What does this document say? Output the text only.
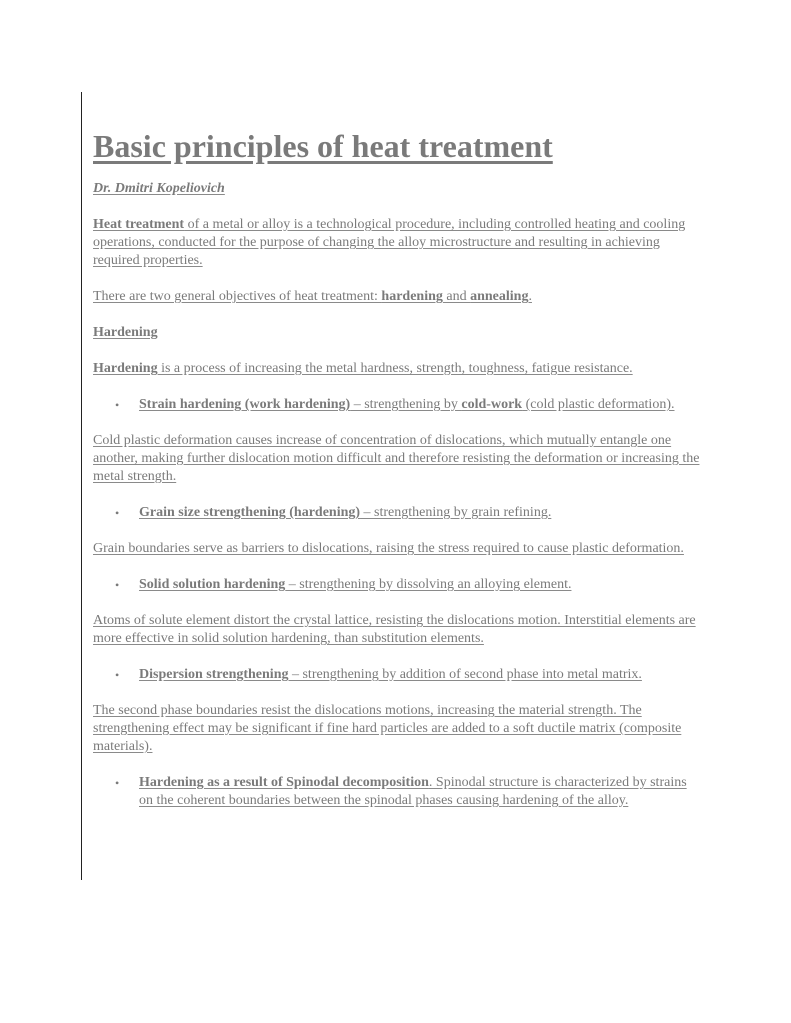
Basic principles of heat treatment

Dr. Dmitri Kopeliovich

Heat treatment of a metal or alloy is a technological procedure, including controlled heating and cooling operations, conducted for the purpose of changing the alloy microstructure and resulting in achieving required properties.

There are two general objectives of heat treatment: hardening and annealing.

Hardening

Hardening is a process of increasing the metal hardness, strength, toughness, fatigue resistance.

• Strain hardening (work hardening) – strengthening by cold-work (cold plastic deformation).

Cold plastic deformation causes increase of concentration of dislocations, which mutually entangle one another, making further dislocation motion difficult and therefore resisting the deformation or increasing the metal strength.

• Grain size strengthening (hardening) – strengthening by grain refining.

Grain boundaries serve as barriers to dislocations, raising the stress required to cause plastic deformation.

• Solid solution hardening – strengthening by dissolving an alloying element.

Atoms of solute element distort the crystal lattice, resisting the dislocations motion. Interstitial elements are more effective in solid solution hardening, than substitution elements.

• Dispersion strengthening – strengthening by addition of second phase into metal matrix.

The second phase boundaries resist the dislocations motions, increasing the material strength. The strengthening effect may be significant if fine hard particles are added to a soft ductile matrix (composite materials).

• Hardening as a result of Spinodal decomposition. Spinodal structure is characterized by strains on the coherent boundaries between the spinodal phases causing hardening of the alloy.
